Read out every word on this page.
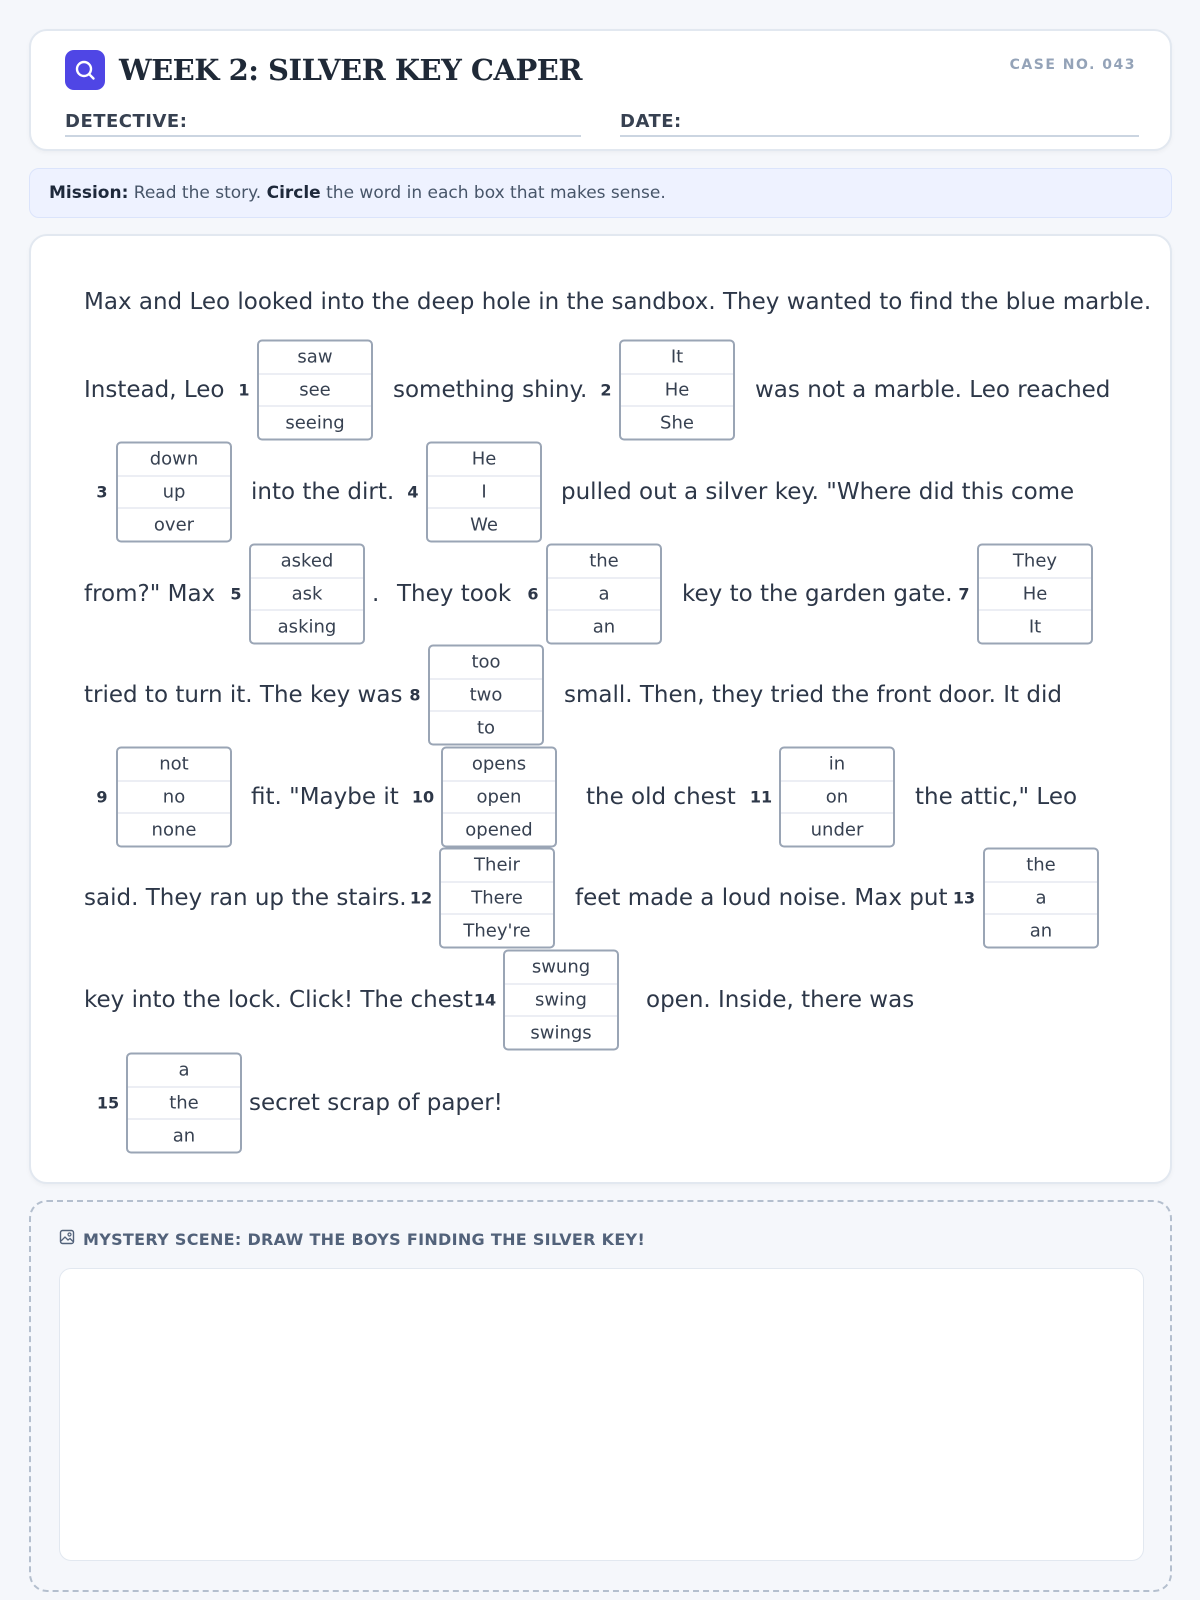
WEEK 2: SILVER KEY CAPER	CASE NO. 043
DETECTIVE:	DATE:
Mission: Read the story. Circle the word in each box that makes sense.
Max and Leo looked into the deep hole in the sandbox. They wanted to find the blue marble.
Instead, Leo 1
saw
see
seeing
something shiny. 2
It
He
She
was not a marble. Leo reached
3
down
up
over
into the dirt. 4
He
I
We
pulled out a silver key. "Where did this come
from?" Max 5
asked
ask
asking
. They took 6
the
a
an
key to the garden gate. 7
They
He
It
tried to turn it. The key was 8
too
two
to
small. Then, they tried the front door. It did
9
not
no
none
fit. "Maybe it 10
opens
open
opened
the old chest 11
in
on
under
the attic," Leo
said. They ran up the stairs. 12
Their
There
They're
feet made a loud noise. Max put 13
the
a
an
key into the lock. Click! The chest 14
swung
swing
swings
open. Inside, there was
15
a
the
an
secret scrap of paper!
MYSTERY SCENE: DRAW THE BOYS FINDING THE SILVER KEY!
